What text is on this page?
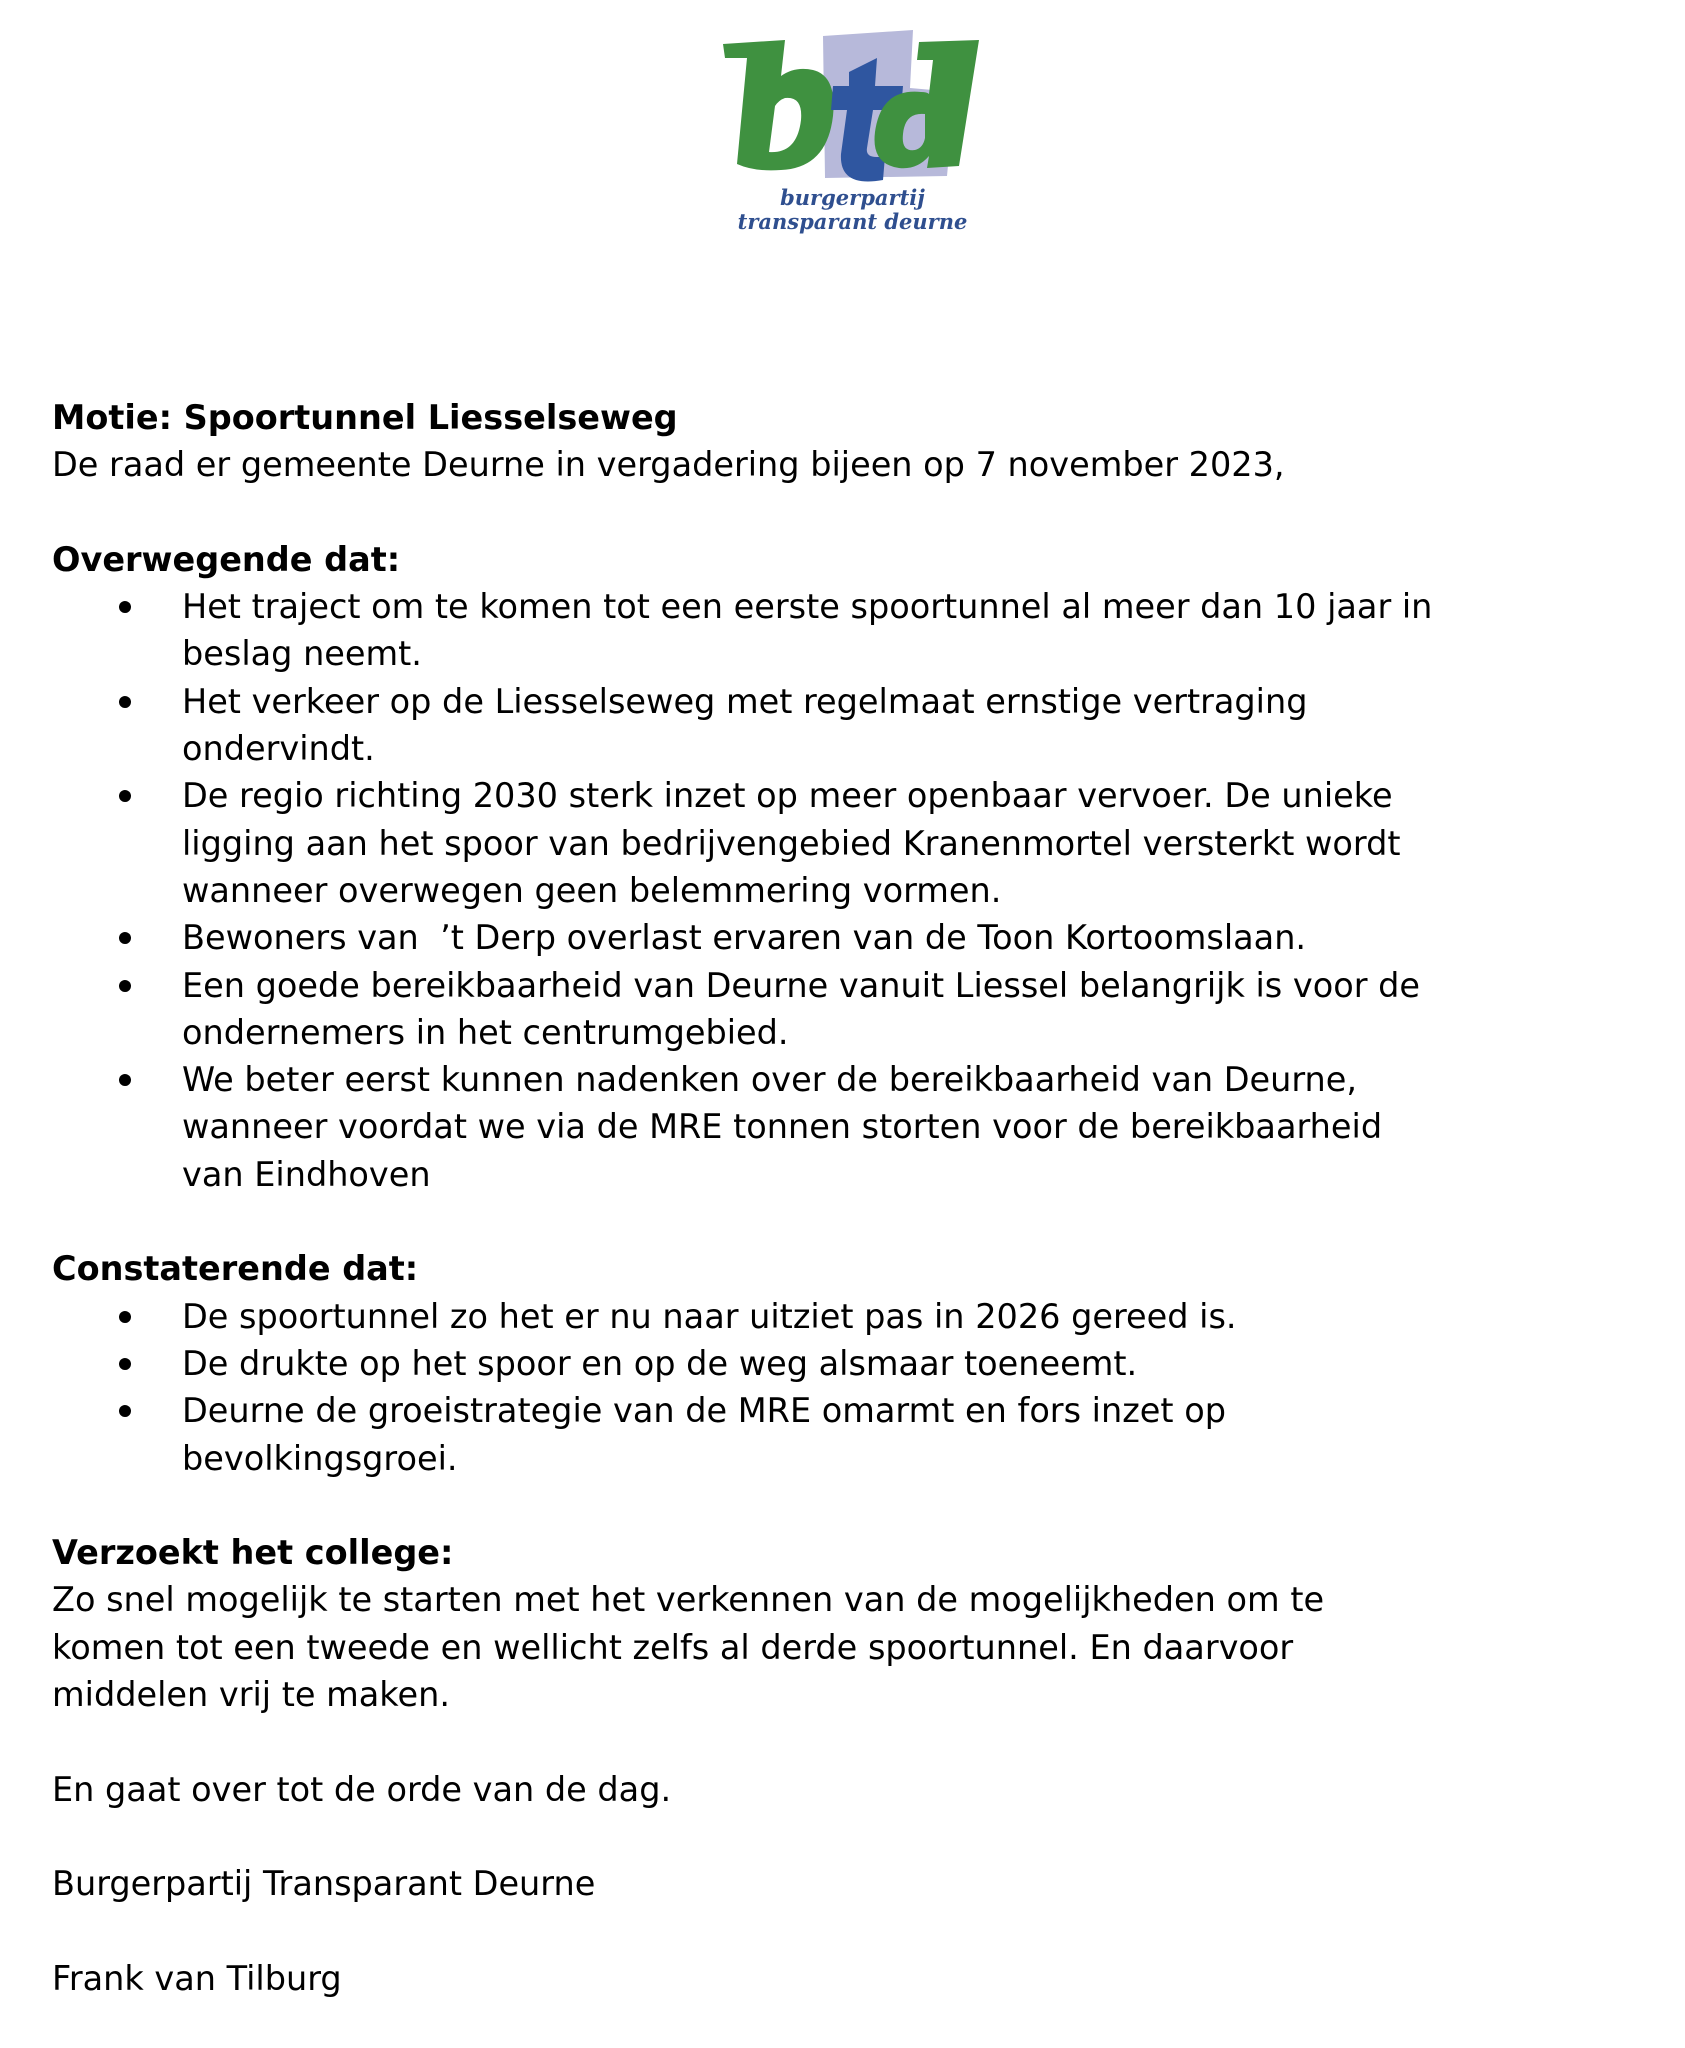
burgerpartij
transparant deurne
Motie: Spoortunnel Liesselseweg
De raad er gemeente Deurne in vergadering bijeen op 7 november 2023,
Overwegende dat:
Het traject om te komen tot een eerste spoortunnel al meer dan 10 jaar in
beslag neemt.
Het verkeer op de Liesselseweg met regelmaat ernstige vertraging
ondervindt.
De regio richting 2030 sterk inzet op meer openbaar vervoer. De unieke
ligging aan het spoor van bedrijvengebied Kranenmortel versterkt wordt
wanneer overwegen geen belemmering vormen.
Bewoners van  ’t Derp overlast ervaren van de Toon Kortoomslaan.
Een goede bereikbaarheid van Deurne vanuit Liessel belangrijk is voor de
ondernemers in het centrumgebied.
We beter eerst kunnen nadenken over de bereikbaarheid van Deurne,
wanneer voordat we via de MRE tonnen storten voor de bereikbaarheid
van Eindhoven
Constaterende dat:
De spoortunnel zo het er nu naar uitziet pas in 2026 gereed is.
De drukte op het spoor en op de weg alsmaar toeneemt.
Deurne de groeistrategie van de MRE omarmt en fors inzet op
bevolkingsgroei.
Verzoekt het college:
Zo snel mogelijk te starten met het verkennen van de mogelijkheden om te
komen tot een tweede en wellicht zelfs al derde spoortunnel. En daarvoor
middelen vrij te maken.
En gaat over tot de orde van de dag.
Burgerpartij Transparant Deurne
Frank van Tilburg
